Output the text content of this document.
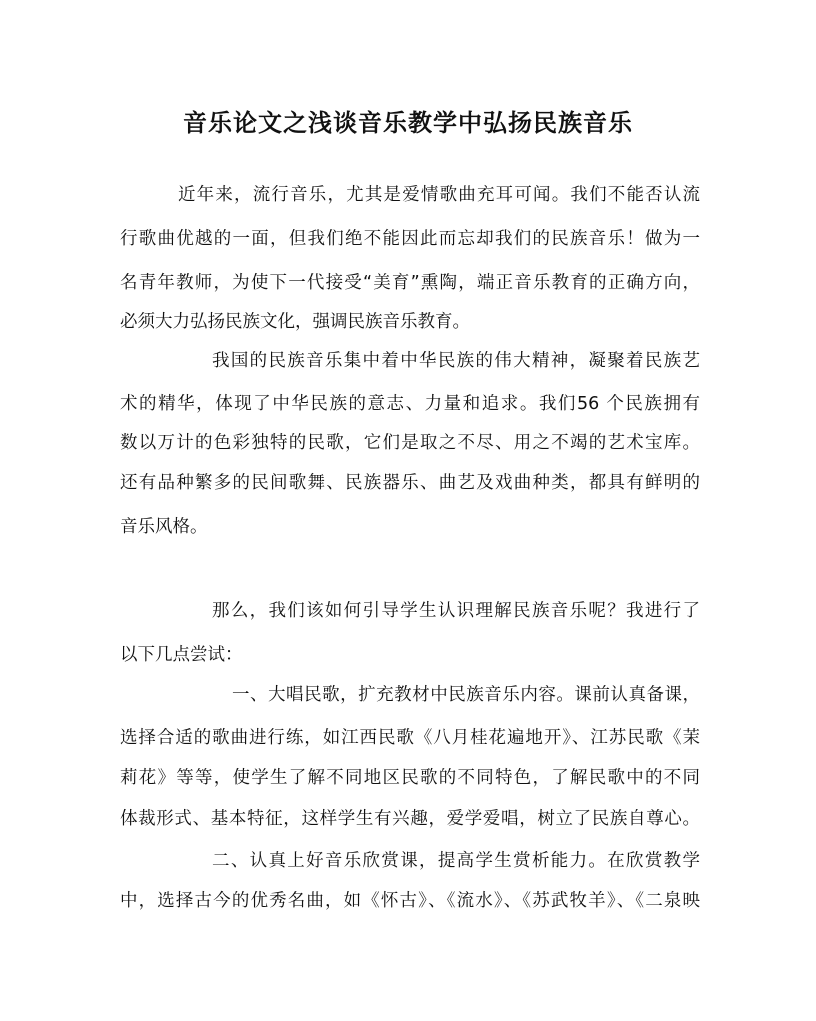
音乐论文之浅谈音乐教学中弘扬民族音乐
近年来，流行音乐，尤其是爱情歌曲充耳可闻。我们不能否认流
行歌曲优越的一面，但我们绝不能因此而忘却我们的民族音乐！做为一
名青年教师，为使下一代接受“美育”熏陶，端正音乐教育的正确方向，
必须大力弘扬民族文化，强调民族音乐教育。
我国的民族音乐集中着中华民族的伟大精神，凝聚着民族艺
术的精华，体现了中华民族的意志、力量和追求。我们56 个民族拥有
数以万计的色彩独特的民歌，它们是取之不尽、用之不竭的艺术宝库。
还有品种繁多的民间歌舞、民族器乐、曲艺及戏曲种类，都具有鲜明的
音乐风格。
那么，我们该如何引导学生认识理解民族音乐呢？我进行了
以下几点尝试：
一、大唱民歌，扩充教材中民族音乐内容。课前认真备课，
选择合适的歌曲进行练，如江西民歌《八月桂花遍地开》、江苏民歌《茉
莉花》等等，使学生了解不同地区民歌的不同特色，了解民歌中的不同
体裁形式、基本特征，这样学生有兴趣，爱学爱唱，树立了民族自尊心。
二、认真上好音乐欣赏课，提高学生赏析能力。在欣赏教学
中，选择古今的优秀名曲，如《怀古》、《流水》、《苏武牧羊》、《二泉映
